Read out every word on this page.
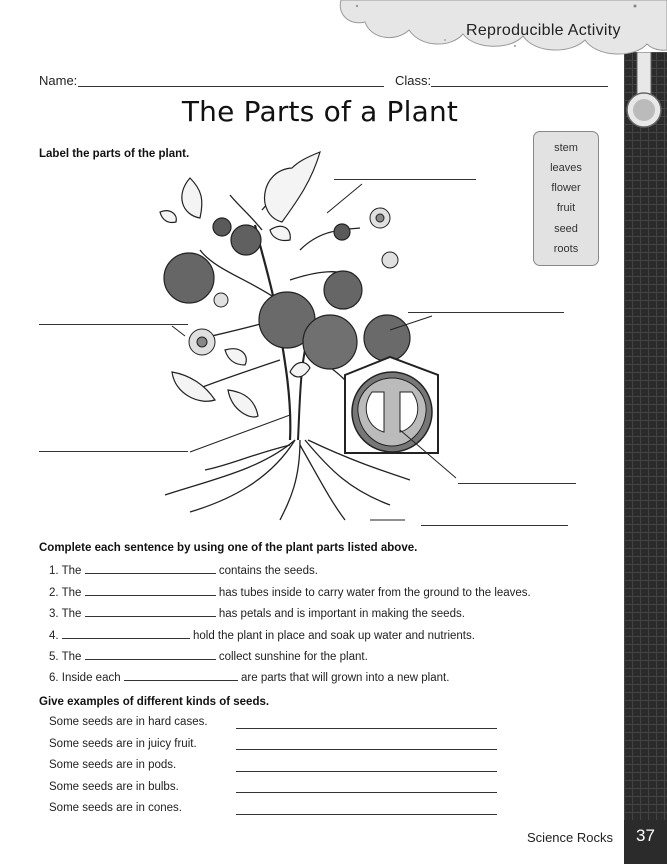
37
Science Rocks
Reproducible Activity
Name:	Class:
The Parts of a Plant
Label the parts of the plant.	stem
leaves
flower
fruit
seed
roots
Complete each sentence by using one of the plant parts listed above.
1. The	contains the seeds.
2. The	has tubes inside to carry water from the ground to the leaves.
3. The	has petals and is important in making the seeds.
4.	hold the plant in place and soak up water and nutrients.
5. The	collect sunshine for the plant.
6. Inside each	are parts that will grown into a new plant.
Give examples of different kinds of seeds.
Some seeds are in hard cases.
Some seeds are in juicy fruit.
Some seeds are in pods.
Some seeds are in bulbs.
Some seeds are in cones.
